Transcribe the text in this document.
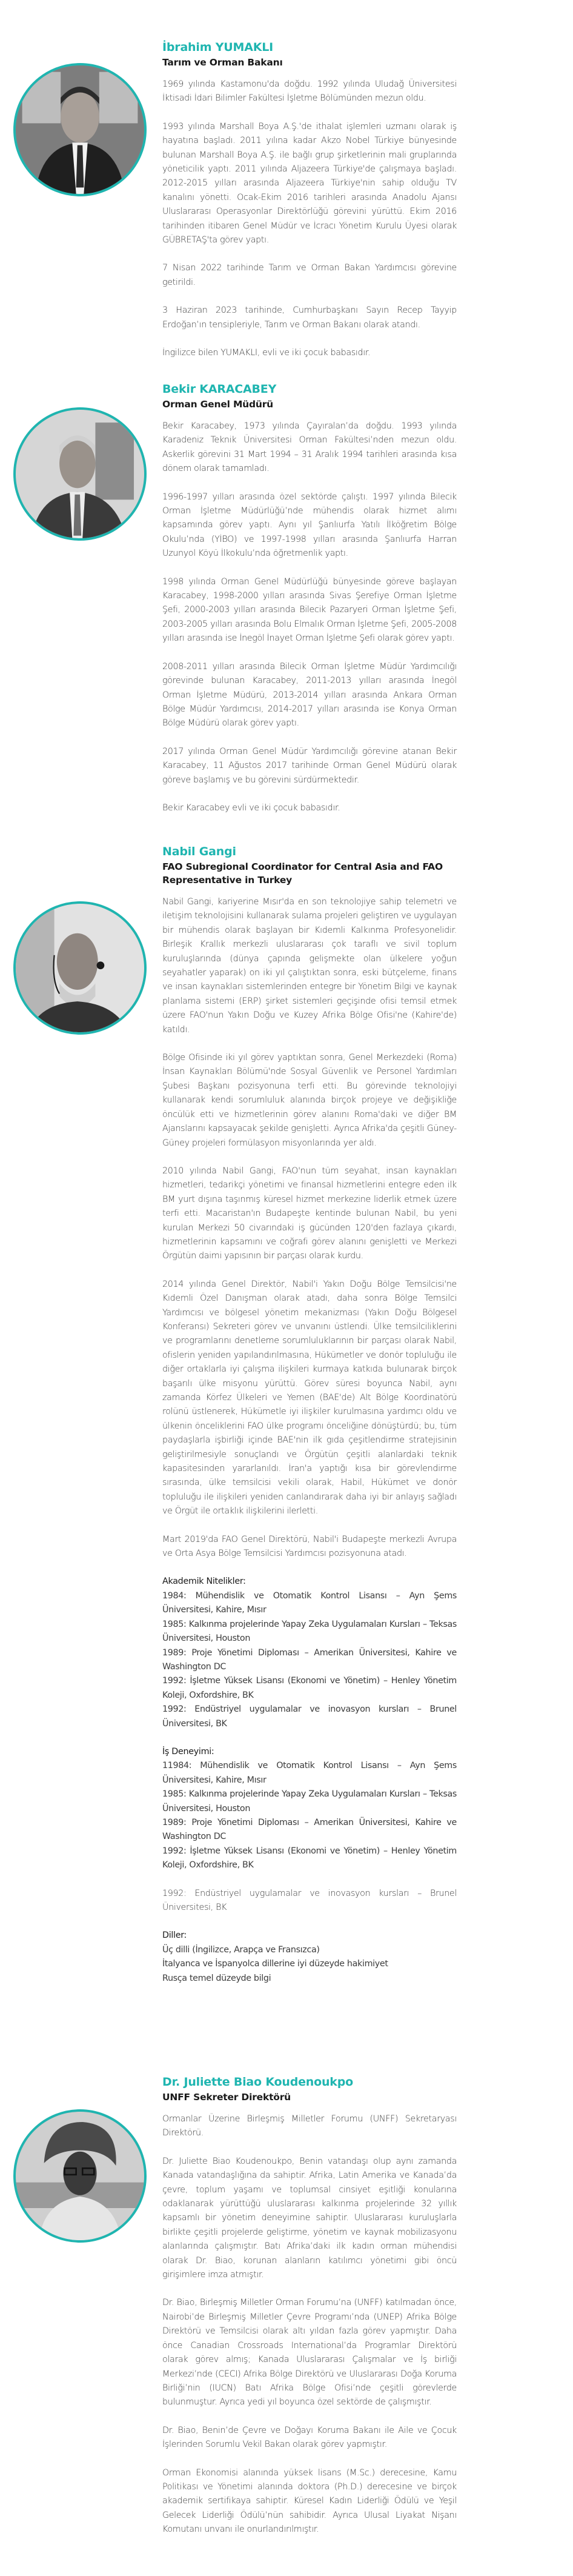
İbrahim YUMAKLI
Tarım ve Orman Bakanı

1969 yılında Kastamonu'da doğdu. 1992 yılında Uludağ Üniversitesi İktisadi İdari Bilimler Fakültesi İşletme Bölümünden mezun oldu.

1993 yılında Marshall Boya A.Ş.'de ithalat işlemleri uzmanı olarak iş hayatına başladı. 2011 yılına kadar Akzo Nobel Türkiye bünyesinde bulunan Marshall Boya A.Ş. ile bağlı grup şirketlerinin mali gruplarında yöneticilik yaptı. 2011 yılında Aljazeera Türkiye'de çalışmaya başladı. 2012-2015 yılları arasında Aljazeera Türkiye'nin sahip olduğu TV kanalını yönetti. Ocak-Ekim 2016 tarihleri arasında Anadolu Ajansı Uluslararası Operasyonlar Direktörlüğü görevini yürüttü. Ekim 2016 tarihinden itibaren Genel Müdür ve İcracı Yönetim Kurulu Üyesi olarak GÜBRETAŞ'ta görev yaptı.

7 Nisan 2022 tarihinde Tarım ve Orman Bakan Yardımcısı görevine getirildi.

3 Haziran 2023 tarihinde, Cumhurbaşkanı Sayın Recep Tayyip Erdoğan’ın tensipleriyle, Tarım ve Orman Bakanı olarak atandı.

İngilizce bilen YUMAKLI, evli ve iki çocuk babasıdır.

Bekir KARACABEY
Orman Genel Müdürü

Bekir Karacabey, 1973 yılında Çayıralan’da doğdu. 1993 yılında Karadeniz Teknik Üniversitesi Orman Fakültesi’nden mezun oldu. Askerlik görevini 31 Mart 1994 – 31 Aralık 1994 tarihleri arasında kısa dönem olarak tamamladı.

1996-1997 yılları arasında özel sektörde çalıştı. 1997 yılında Bilecik Orman İşletme Müdürlüğü’nde mühendis olarak hizmet alımı kapsamında görev yaptı. Aynı yıl Şanlıurfa Yatılı İlköğretim Bölge Okulu’nda (YİBO) ve 1997-1998 yılları arasında Şanlıurfa Harran Uzunyol Köyü İlkokulu’nda öğretmenlik yaptı.

1998 yılında Orman Genel Müdürlüğü bünyesinde göreve başlayan Karacabey, 1998-2000 yılları arasında Sivas Şerefiye Orman İşletme Şefi, 2000-2003 yılları arasında Bilecik Pazaryeri Orman İşletme Şefi, 2003-2005 yılları arasında Bolu Elmalık Orman İşletme Şefi, 2005-2008 yılları arasında ise İnegöl İnayet Orman İşletme Şefi olarak görev yaptı.

2008-2011 yılları arasında Bilecik Orman İşletme Müdür Yardımcılığı görevinde bulunan Karacabey, 2011-2013 yılları arasında İnegöl Orman İşletme Müdürü, 2013-2014 yılları arasında Ankara Orman Bölge Müdür Yardımcısı, 2014-2017 yılları arasında ise Konya Orman Bölge Müdürü olarak görev yaptı.

2017 yılında Orman Genel Müdür Yardımcılığı görevine atanan Bekir Karacabey, 11 Ağustos 2017 tarihinde Orman Genel Müdürü olarak göreve başlamış ve bu görevini sürdürmektedir.

Bekir Karacabey evli ve iki çocuk babasıdır.

Nabil Gangi
FAO Subregional Coordinator for Central Asia and FAO Representative in Turkey

Nabil Gangi, kariyerine Mısır'da en son teknolojiye sahip telemetri ve iletişim teknolojisini kullanarak sulama projeleri geliştiren ve uygulayan bir mühendis olarak başlayan bir Kıdemli Kalkınma Profesyonelidir. Birleşik Krallık merkezli uluslararası çok taraflı ve sivil toplum kuruluşlarında (dünya çapında gelişmekte olan ülkelere yoğun seyahatler yaparak) on iki yıl çalıştıktan sonra, eski bütçeleme, finans ve insan kaynakları sistemlerinden entegre bir Yönetim Bilgi ve kaynak planlama sistemi (ERP) şirket sistemleri geçişinde ofisi temsil etmek üzere FAO'nun Yakın Doğu ve Kuzey Afrika Bölge Ofisi'ne (Kahire'de) katıldı.

Bölge Ofisinde iki yıl görev yaptıktan sonra, Genel Merkezdeki (Roma) İnsan Kaynakları Bölümü'nde Sosyal Güvenlik ve Personel Yardımları Şubesi Başkanı pozisyonuna terfi etti. Bu görevinde teknolojiyi kullanarak kendi sorumluluk alanında birçok projeye ve değişikliğe öncülük etti ve hizmetlerinin görev alanını Roma'daki ve diğer BM Ajanslarını kapsayacak şekilde genişletti. Ayrıca Afrika'da çeşitli Güney-Güney projeleri formülasyon misyonlarında yer aldı.

2010 yılında Nabil Gangi, FAO'nun tüm seyahat, insan kaynakları hizmetleri, tedarikçi yönetimi ve finansal hizmetlerini entegre eden ilk BM yurt dışına taşınmış küresel hizmet merkezine liderlik etmek üzere terfi etti. Macaristan'ın Budapeşte kentinde bulunan Nabil, bu yeni kurulan Merkezi 50 civarındaki iş gücünden 120'den fazlaya çıkardı, hizmetlerinin kapsamını ve coğrafi görev alanını genişletti ve Merkezi Örgütün daimi yapısının bir parçası olarak kurdu.

2014 yılında Genel Direktör, Nabil'i Yakın Doğu Bölge Temsilcisi'ne Kıdemli Özel Danışman olarak atadı, daha sonra Bölge Temsilci Yardımcısı ve bölgesel yönetim mekanizması (Yakın Doğu Bölgesel Konferansı) Sekreteri görev ve unvanını üstlendi. Ülke temsilciliklerini ve programlarını denetleme sorumluluklarının bir parçası olarak Nabil, ofislerin yeniden yapılandırılmasına, Hükümetler ve donör topluluğu ile diğer ortaklarla iyi çalışma ilişkileri kurmaya katkıda bulunarak birçok başarılı ülke misyonu yürüttü. Görev süresi boyunca Nabil, aynı zamanda Körfez Ülkeleri ve Yemen (BAE'de) Alt Bölge Koordinatörü rolünü üstlenerek, Hükümetle iyi ilişkiler kurulmasına yardımcı oldu ve ülkenin önceliklerini FAO ülke programı önceliğine dönüştürdü; bu, tüm paydaşlarla işbirliği içinde BAE'nin ilk gıda çeşitlendirme stratejisinin geliştirilmesiyle sonuçlandı ve Örgütün çeşitli alanlardaki teknik kapasitesinden yararlanıldı. İran'a yaptığı kısa bir görevlendirme sırasında, ülke temsilcisi vekili olarak, Habil, Hükümet ve donör topluluğu ile ilişkileri yeniden canlandırarak daha iyi bir anlayış sağladı ve Örgüt ile ortaklık ilişkilerini ilerletti.

Mart 2019'da FAO Genel Direktörü, Nabil'i Budapeşte merkezli Avrupa ve Orta Asya Bölge Temsilcisi Yardımcısı pozisyonuna atadı.

Akademik Nitelikler:
1984: Mühendislik ve Otomatik Kontrol Lisansı – Ayn Şems Üniversitesi, Kahire, Mısır
1985: Kalkınma projelerinde Yapay Zeka Uygulamaları Kursları – Teksas Üniversitesi, Houston
1989: Proje Yönetimi Diploması – Amerikan Üniversitesi, Kahire ve Washington DC
1992: İşletme Yüksek Lisansı (Ekonomi ve Yönetim) – Henley Yönetim Koleji, Oxfordshire, BK
1992: Endüstriyel uygulamalar ve inovasyon kursları – Brunel Üniversitesi, BK
İş Deneyimi:
11984: Mühendislik ve Otomatik Kontrol Lisansı – Ayn Şems Üniversitesi, Kahire, Mısır
1985: Kalkınma projelerinde Yapay Zeka Uygulamaları Kursları – Teksas Üniversitesi, Houston
1989: Proje Yönetimi Diploması – Amerikan Üniversitesi, Kahire ve Washington DC
1992: İşletme Yüksek Lisansı (Ekonomi ve Yönetim) – Henley Yönetim Koleji, Oxfordshire, BK

1992: Endüstriyel uygulamalar ve inovasyon kursları – Brunel Üniversitesi, BK

Diller:
Üç dilli (İngilizce, Arapça ve Fransızca)
İtalyanca ve İspanyolca dillerine iyi düzeyde hakimiyet
Rusça temel düzeyde bilgi
Dr. Juliette Biao Koudenoukpo
UNFF Sekreter Direktörü

Ormanlar Üzerine Birleşmiş Milletler Forumu (UNFF) Sekretaryası Direktörü.

Dr. Juliette Biao Koudenoukpo, Benin vatandaşı olup aynı zamanda Kanada vatandaşlığına da sahiptir. Afrika, Latin Amerika ve Kanada’da çevre, toplum yaşamı ve toplumsal cinsiyet eşitliği konularına odaklanarak yürüttüğü uluslararası kalkınma projelerinde 32 yıllık kapsamlı bir yönetim deneyimine sahiptir. Uluslararası kuruluşlarla birlikte çeşitli projelerde geliştirme, yönetim ve kaynak mobilizasyonu alanlarında çalışmıştır. Batı Afrika’daki ilk kadın orman mühendisi olarak Dr. Biao, korunan alanların katılımcı yönetimi gibi öncü girişimlere imza atmıştır.

Dr. Biao, Birleşmiş Milletler Orman Forumu’na (UNFF) katılmadan önce, Nairobi’de Birleşmiş Milletler Çevre Programı’nda (UNEP) Afrika Bölge Direktörü ve Temsilcisi olarak altı yıldan fazla görev yapmıştır. Daha önce Canadian Crossroads International’da Programlar Direktörü olarak görev almış; Kanada Uluslararası Çalışmalar ve İş birliği Merkezi’nde (CECI) Afrika Bölge Direktörü ve Uluslararası Doğa Koruma Birliği’nin (IUCN) Batı Afrika Bölge Ofisi’nde çeşitli görevlerde bulunmuştur. Ayrıca yedi yıl boyunca özel sektörde de çalışmıştır.

Dr. Biao, Benin’de Çevre ve Doğayı Koruma Bakanı ile Aile ve Çocuk İşlerinden Sorumlu Vekil Bakan olarak görev yapmıştır.

Orman Ekonomisi alanında yüksek lisans (M.Sc.) derecesine, Kamu Politikası ve Yönetimi alanında doktora (Ph.D.) derecesine ve birçok akademik sertifikaya sahiptir. Küresel Kadın Liderliği Ödülü ve Yeşil Gelecek Liderliği Ödülü’nün sahibidir. Ayrıca Ulusal Liyakat Nişanı Komutanı unvanı ile onurlandırılmıştır.
